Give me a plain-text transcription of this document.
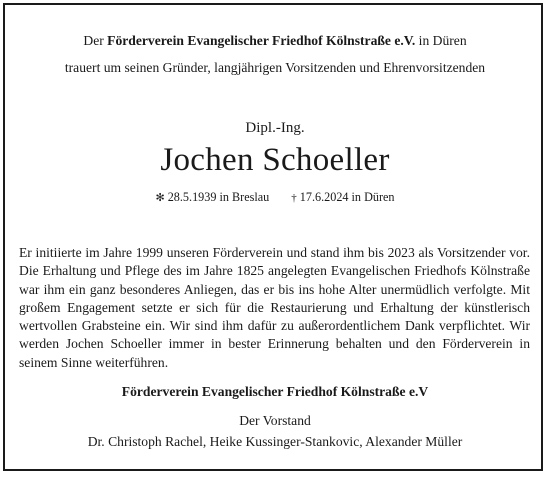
Der Förderverein Evangelischer Friedhof Kölnstraße e.V. in Düren
trauert um seinen Gründer, langjährigen Vorsitzenden und Ehrenvorsitzenden
Dipl.-Ing.
Jochen Schoeller
✻ 28.5.1939 in Breslau † 17.6.2024 in Düren
Er initiierte im Jahre 1999 unseren Förderverein und stand ihm bis 2023 als Vorsitzender vor. Die Erhaltung und Pflege des im Jahre 1825 angelegten Evangelischen Friedhofs Kölnstraße war ihm ein ganz besonderes Anliegen, das er bis ins hohe Alter unermüdlich verfolgte. Mit großem Engagement setzte er sich für die Restaurierung und Erhaltung der künstlerisch wertvollen Grabsteine ein. Wir sind ihm dafür zu außerordentlichem Dank verpflichtet. Wir werden Jochen Schoeller immer in bester Erinnerung behalten und den Förderverein in seinem Sinne weiterführen.
Förderverein Evangelischer Friedhof Kölnstraße e.V
Der Vorstand
Dr. Christoph Rachel, Heike Kussinger-Stankovic, Alexander Müller
